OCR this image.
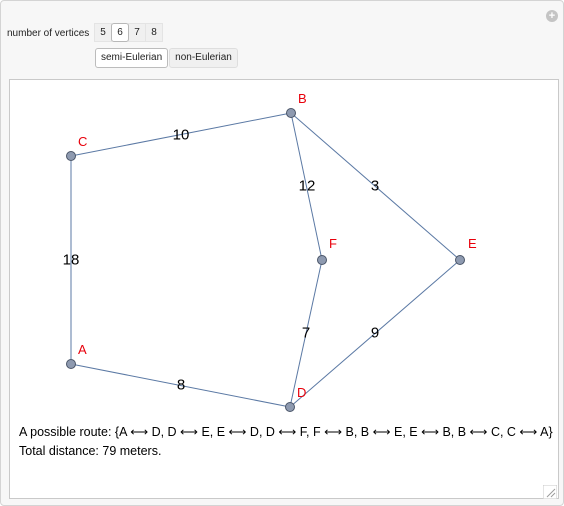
+
number of vertices	5	6	7	8
semi-Eulerian	non-Eulerian
10
18
12	3
7	9
8
A
B
C
D
E
F
A possible route: {A ⟷ D, D ⟷ E, E ⟷ D, D ⟷ F, F ⟷ B, B ⟷ E, E ⟷ B, B ⟷ C, C ⟷ A}
Total distance: 79 meters.
